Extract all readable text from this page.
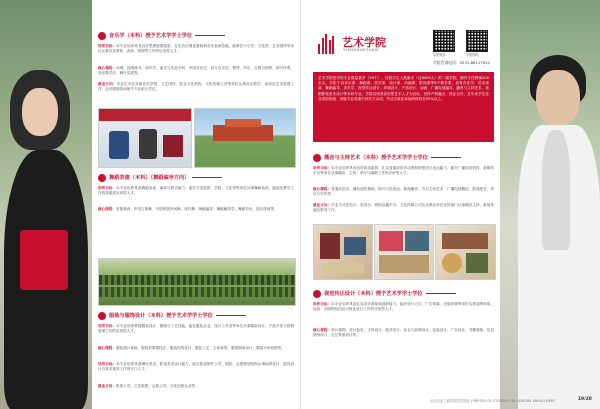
音乐学（本科）授予艺术学学士学位
培养目标：本专业培养具有良好思想道德素质、扎实音乐理论基础和音乐表演技能，能够在中小学、文化馆、艺术团体等单位从事音乐教育、表演、管理等工作的应用型人才。
核心课程：乐理、视唱练耳、和声学、曲式与作品分析、中国音乐史、西方音乐史、钢琴、声乐、合唱与指挥、即兴伴奏、音乐教学法、舞台实践等。
就业方向：毕业生可在各级各类学校、文艺团体、群众文化机构、文化传媒公司等单位从事音乐教学、表演及艺术管理工作，也可继续攻读相关专业硕士学位。
舞蹈表演（本科）（舞蹈编导方向）
培养目标：本专业培养具备舞蹈表演、编导与教学能力，能在专业院团、学校、文化馆等单位从事舞蹈表演、编创及教学工作的高素质应用型人才。
核心课程：芭蕾基训、中国古典舞、中国民族民间舞、现代舞、舞蹈编导、舞蹈解剖学、舞蹈史论、剧目排练等。
服装与服饰设计（本科）授予艺术学学士学位
培养目标：本专业培养掌握服装设计、制版与工艺技能，能在服装企业、设计工作室等单位从事服装设计、产品开发与营销管理工作的应用型人才。
核心课程：服装设计基础、服装效果图技法、服装结构设计、服装工艺、立体裁剪、服饰图案设计、服装市场营销等。
培养目标：本专业培养具备舞台美术、影视美术设计能力，能在影视制作公司、剧院、会展策划机构从事场景设计、道具设计与美术指导工作的专门人才。
就业方向：影视公司、文艺院团、会展公司、文化创意企业等。
艺术学院
YISHUXUEYUAN
学院微信	学院网站
学院咨询电话：0531-88117912
艺术学院是学校专业数量最多（29个）、在校学生人数最多（近8000人）的二级学院，拥有专任教师200余名。学院下设音乐系、舞蹈系、美术系、设计系、动画系、影视系等6个教学系，设有音乐学、音乐表演、舞蹈编导、美术学、视觉传达设计、环境设计、产品设计、动画、广播电视编导、播音与主持艺术、戏剧影视美术设计等本科专业。学院以培养应用型艺术人才为目标，坚持产教融合、校企合作，近年来学生在各类国家级、省级专业竞赛中获奖千余项，毕业生就业率始终保持在95%以上。
播音与主持艺术（本科）授予艺术学学士学位
培养目标：本专业培养具有良好政治素质、扎实普通话语音功底和较强语言表达能力，能在广播电视机构、新媒体平台等单位从事播音、主持、采访与编辑工作的应用型人才。
核心课程：普通话语音、播音创作基础、即兴口语表达、新闻播音、节目主持艺术、广播电视概论、影视配音、采访与写作等。
就业方向：毕业生可在电台、电视台、网络直播平台、文化传媒公司及企事业单位宣传部门从事播音主持、新闻采编及策划工作。
视觉传达设计（本科）授予艺术学学士学位
培养目标：本专业培养具备扎实设计基础和创新能力，能在设计公司、广告传媒、出版印刷等单位从事品牌形象、包装、出版物及信息可视化设计工作的应用型人才。
核心课程：设计素描、设计色彩、字体设计、版式设计、标志与品牌设计、包装设计、广告设计、书籍装帧、信息图形设计、交互界面设计等。
山东农业工程学院招生指南 | PROFILE OF STUDENTS IN GENERAL ENROLLMENT	19/20
